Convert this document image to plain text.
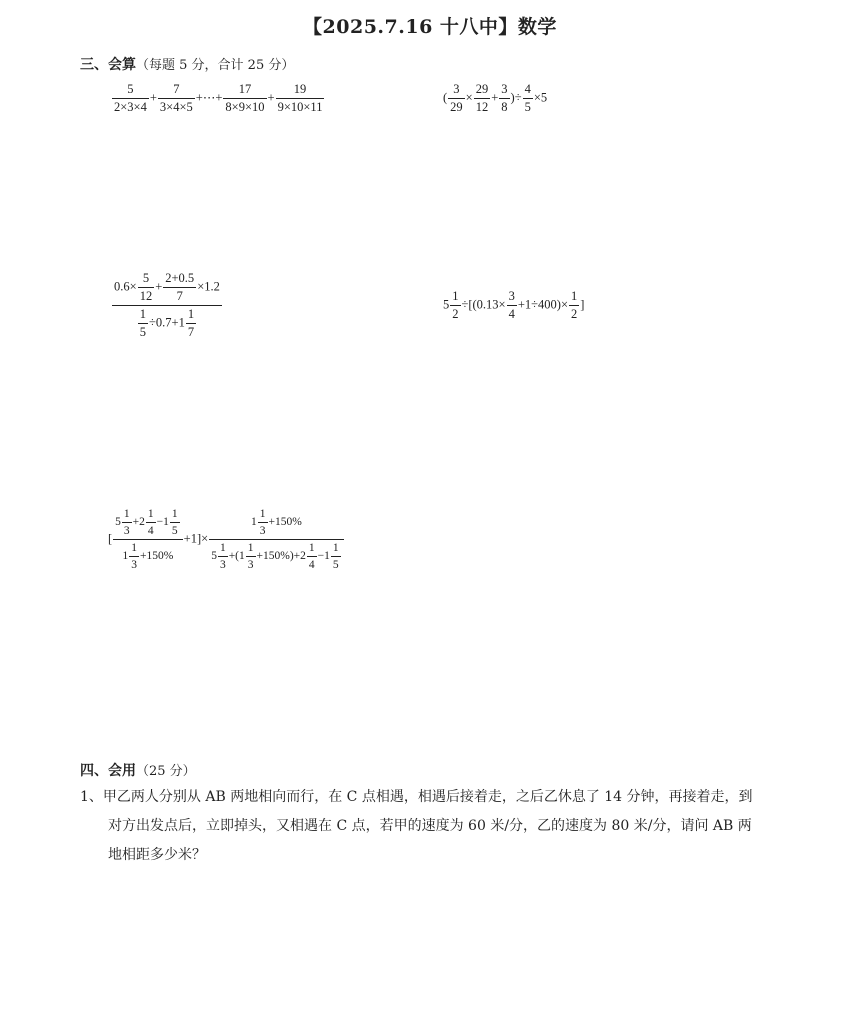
【2025.7.16 十八中】数学
三、会算（每题 5 分，合计 25 分）
$\frac{5}{2\times 3\times 4} + \frac{7}{3\times 4\times 5}$ +⋯+ $\frac{17}{8\times 9\times 10} + \frac{19}{9\times 10\times 11}$	( $\frac{3}{29} \times \frac{29}{12} + \frac{3}{8}$ )÷ $\frac{4}{5} \times 5$
$\frac{0.6\times \frac{5}{12} + \frac{2+0.5}{7} \times 1.2}{\frac{1}{5} \div 0.7+1 \frac{1}{7}}$	$5 \frac{1}{2} \div[(0.13\times \frac{3}{4} +1\div 400)\times \frac{1}{2}$ ]
[ $\frac{5 \frac{1}{3} +2 \frac{1}{4} -1 \frac{1}{5}}{1 \frac{1}{3} +150\%} +1]\times \frac{1 \frac{1}{3} +150\%}{5 \frac{1}{3} +(1 \frac{1}{3} +150\%)+2 \frac{1}{4} -1 \frac{1}{5}}$
四、会用（25 分）
1、甲乙两人分别从 AB 两地相向而行，在 C 点相遇，相遇后接着走，之后乙休息了 14 分钟，再接着走，到
对方出发点后，立即掉头，又相遇在 C 点，若甲的速度为 60 米/分，乙的速度为 80 米/分，请问 AB 两
地相距多少米？
